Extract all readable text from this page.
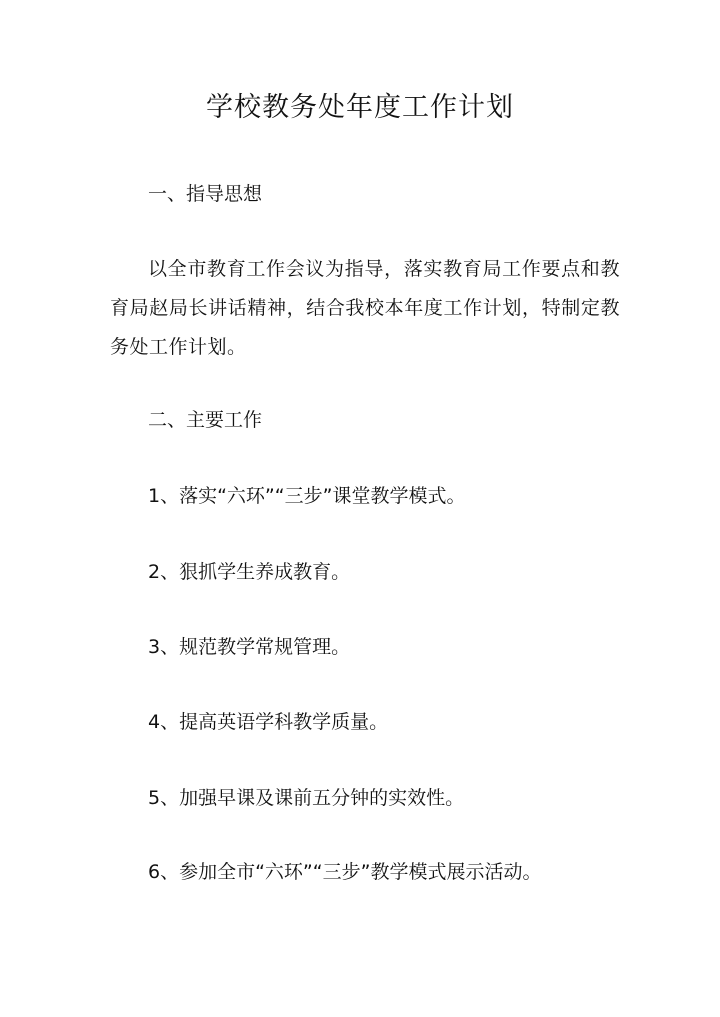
学校教务处年度工作计划

一、指导思想

以全市教育工作会议为指导，落实教育局工作要点和教育局赵局长讲话精神，结合我校本年度工作计划，特制定教务处工作计划。

二、主要工作

1、落实“六环”“三步”课堂教学模式。

2、狠抓学生养成教育。

3、规范教学常规管理。

4、提高英语学科教学质量。

5、加强早课及课前五分钟的实效性。

6、参加全市“六环”“三步”教学模式展示活动。
